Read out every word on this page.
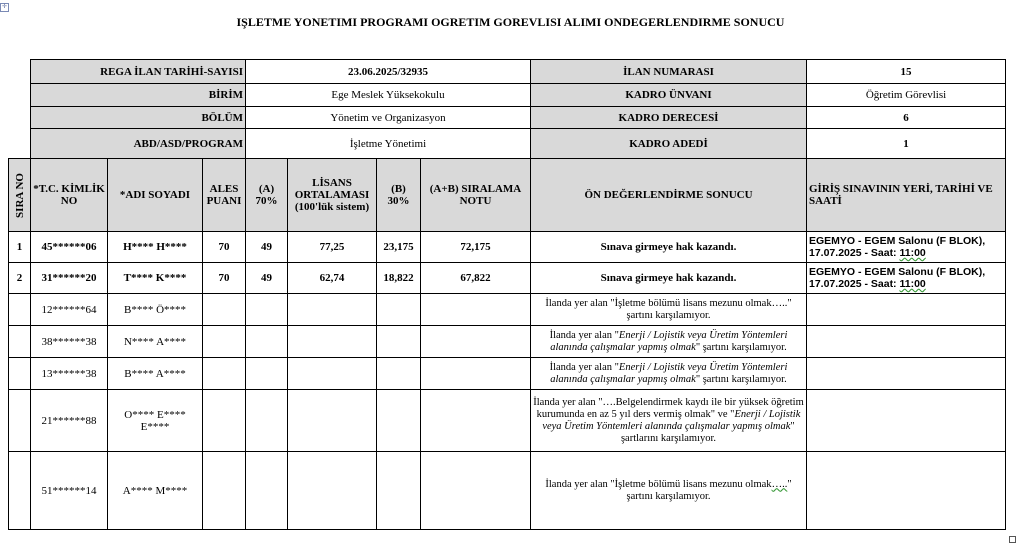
✛
IŞLETME YONETIMI PROGRAMI OGRETIM GOREVLISI ALIMI ONDEGERLENDIRME SONUCU
	REGA İLAN TARİHİ-SAYISI			23.06.2025/32935				İLAN NUMARASI	15
	BİRİM			Ege Meslek Yüksekokulu				KADRO ÜNVANI	Öğretim Görevlisi
	BÖLÜM			Yönetim ve Organizasyon				KADRO DERECESİ	6
	ABD/ASD/PROGRAM			İşletme Yönetimi				KADRO ADEDİ	1

SIRA NO	*T.C. KİMLİK NO	*ADI SOYADI	ALES PUANI	(A) 70%	LİSANS ORTALAMASI (100'lük sistem)	(B) 30%	(A+B) SIRALAMA NOTU	ÖN DEĞERLENDİRME SONUCU	GİRİŞ SINAVININ YERİ, TARİHİ VE SAATİ
1	45******06	H**** H****	70	49	77,25	23,175	72,175	Sınava girmeye hak kazandı.	EGEMYO - EGEM Salonu (F BLOK), 17.07.2025 - Saat: 11:00
2	31******20	T**** K****	70	49	62,74	18,822	67,822	Sınava girmeye hak kazandı.	EGEMYO - EGEM Salonu (F BLOK), 17.07.2025 - Saat: 11:00
	12******64	B**** Ö****						İlanda yer alan "İşletme bölümü lisans mezunu olmak….." şartını karşılamıyor.	
	38******38	N**** A****						İlanda yer alan "Enerji / Lojistik veya Üretim Yöntemleri alanında çalışmalar yapmış olmak" şartını karşılamıyor.	
	13******38	B**** A****						İlanda yer alan "Enerji / Lojistik veya Üretim Yöntemleri alanında çalışmalar yapmış olmak" şartını karşılamıyor.	
	21******88	O**** E**** E****						İlanda yer alan "….Belgelendirmek kaydı ile bir yüksek öğretim kurumunda en az 5 yıl ders vermiş olmak" ve "Enerji / Lojistik veya Üretim Yöntemleri alanında çalışmalar yapmış olmak" şartlarını karşılamıyor.	
	51******14	A**** M****						İlanda yer alan "İşletme bölümü lisans mezunu olmak….." şartını karşılamıyor.	
